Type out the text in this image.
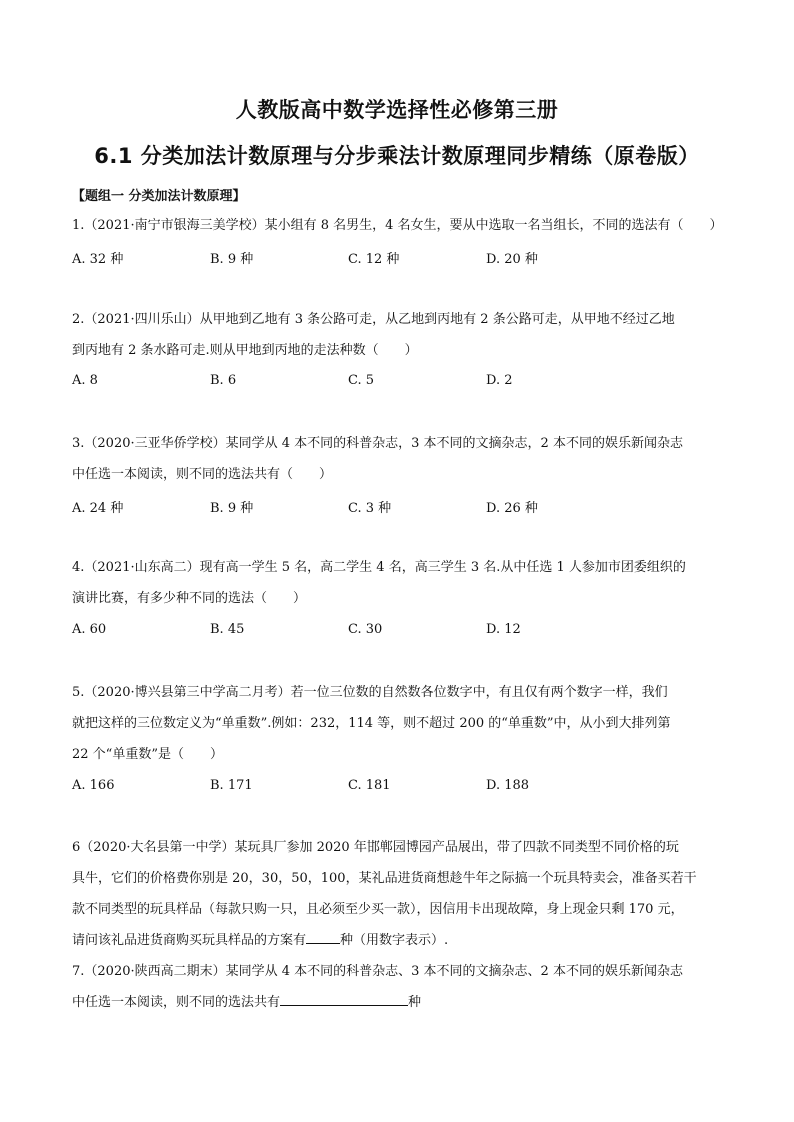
人教版高中数学选择性必修第三册
6.1 分类加法计数原理与分步乘法计数原理同步精练（原卷版）
【题组一 分类加法计数原理】
1.（2021·南宁市银海三美学校）某小组有 8 名男生，4 名女生，要从中选取一名当组长，不同的选法有（　　）
A. 32 种	B. 9 种	C. 12 种	D. 20 种
2.（2021·四川乐山）从甲地到乙地有 3 条公路可走，从乙地到丙地有 2 条公路可走，从甲地不经过乙地
到丙地有 2 条水路可走.则从甲地到丙地的走法种数（　　）
A. 8	B. 6	C. 5	D. 2
3.（2020·三亚华侨学校）某同学从 4 本不同的科普杂志，3 本不同的文摘杂志，2 本不同的娱乐新闻杂志
中任选一本阅读，则不同的选法共有（　　）
A. 24 种	B. 9 种	C. 3 种	D. 26 种
4.（2021·山东高二）现有高一学生 5 名，高二学生 4 名，高三学生 3 名.从中任选 1 人参加市团委组织的
演讲比赛，有多少种不同的选法（　　）
A. 60	B. 45	C. 30	D. 12
5.（2020·博兴县第三中学高二月考）若一位三位数的自然数各位数字中，有且仅有两个数字一样，我们
就把这样的三位数定义为“单重数”.例如：232，114 等，则不超过 200 的“单重数”中，从小到大排列第
22 个“单重数”是（　　）
A. 166	B. 171	C. 181	D. 188
6（2020·大名县第一中学）某玩具厂参加 2020 年邯郸园博园产品展出，带了四款不同类型不同价格的玩
具牛，它们的价格费你别是 20，30，50，100，某礼品进货商想趁牛年之际搞一个玩具特卖会，准备买若干
款不同类型的玩具样品（每款只购一只，且必须至少买一款），因信用卡出现故障，身上现金只剩 170 元，
请问该礼品进货商购买玩具样品的方案有	种（用数字表示）.
7.（2020·陕西高二期末）某同学从 4 本不同的科普杂志、3 本不同的文摘杂志、2 本不同的娱乐新闻杂志
中任选一本阅读，则不同的选法共有	种
